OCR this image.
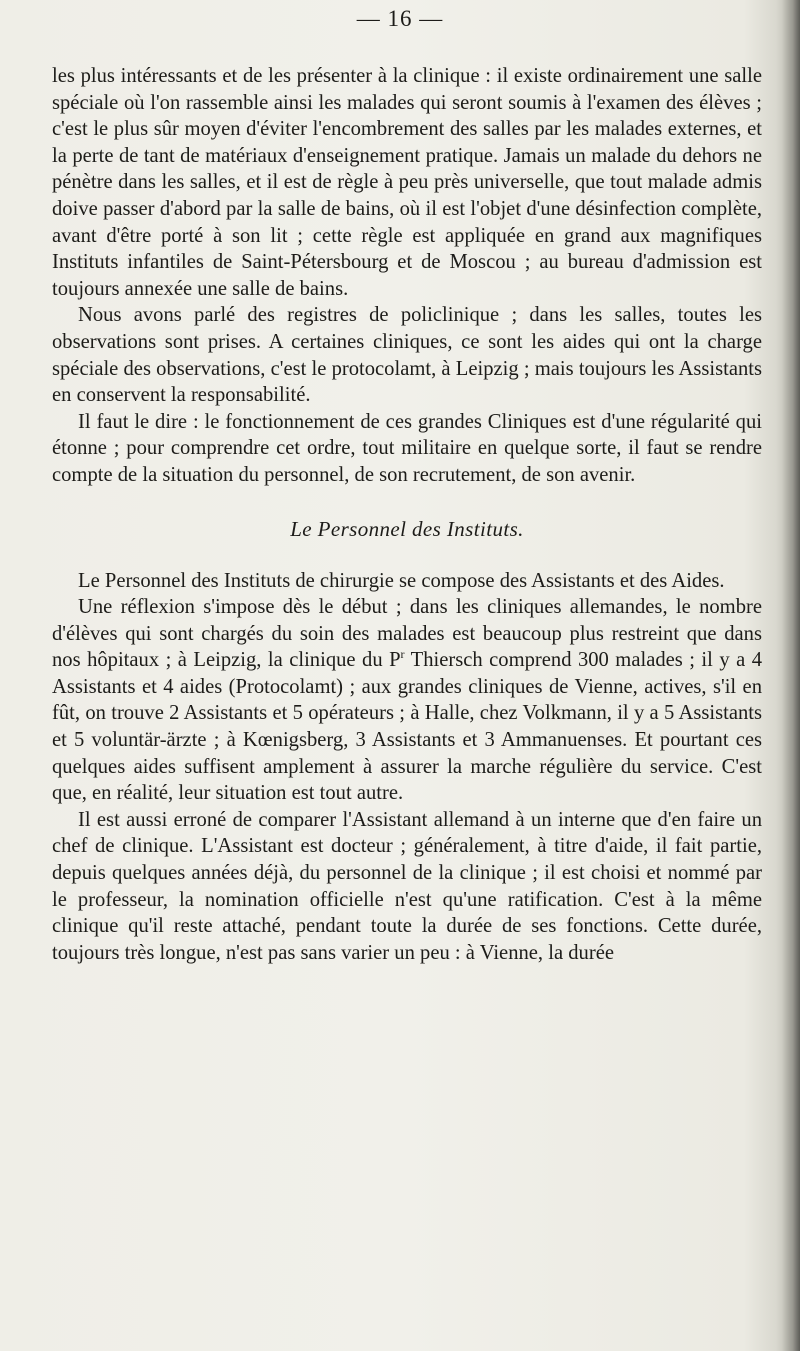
— 16 —

les plus intéressants et de les présenter à la clinique : il existe ordinairement une salle spéciale où l'on rassemble ainsi les malades qui seront soumis à l'examen des élèves ; c'est le plus sûr moyen d'éviter l'encombrement des salles par les malades externes, et la perte de tant de matériaux d'enseignement pratique. Jamais un malade du dehors ne pénètre dans les salles, et il est de règle à peu près universelle, que tout malade admis doive passer d'abord par la salle de bains, où il est l'objet d'une désinfection complète, avant d'être porté à son lit ; cette règle est appliquée en grand aux magnifiques Instituts infantiles de Saint-Pétersbourg et de Moscou ; au bureau d'admission est toujours annexée une salle de bains.

Nous avons parlé des registres de policlinique ; dans les salles, toutes les observations sont prises. A certaines cliniques, ce sont les aides qui ont la charge spéciale des observations, c'est le protocolamt, à Leipzig ; mais toujours les Assistants en conservent la responsabilité.

Il faut le dire : le fonctionnement de ces grandes Cliniques est d'une régularité qui étonne ; pour comprendre cet ordre, tout militaire en quelque sorte, il faut se rendre compte de la situation du personnel, de son recrutement, de son avenir.

Le Personnel des Instituts.

Le Personnel des Instituts de chirurgie se compose des Assistants et des Aides.

Une réflexion s'impose dès le début ; dans les cliniques allemandes, le nombre d'élèves qui sont chargés du soin des malades est beaucoup plus restreint que dans nos hôpitaux ; à Leipzig, la clinique du $P^r$ Thiersch comprend 300 malades ; il y a 4 Assistants et 4 aides (Protocolamt) ; aux grandes cliniques de Vienne, actives, s'il en fût, on trouve 2 Assistants et 5 opérateurs ; à Halle, chez Volkmann, il y a 5 Assistants et 5 voluntär-ärzte ; à Kœnigsberg, 3 Assistants et 3 Ammanuenses. Et pourtant ces quelques aides suffisent amplement à assurer la marche régulière du service. C'est que, en réalité, leur situation est tout autre.

Il est aussi erroné de comparer l'Assistant allemand à un interne que d'en faire un chef de clinique. L'Assistant est docteur ; généralement, à titre d'aide, il fait partie, depuis quelques années déjà, du personnel de la clinique ; il est choisi et nommé par le professeur, la nomination officielle n'est qu'une ratification. C'est à la même clinique qu'il reste attaché, pendant toute la durée de ses fonctions. Cette durée, toujours très longue, n'est pas sans varier un peu : à Vienne, la durée
